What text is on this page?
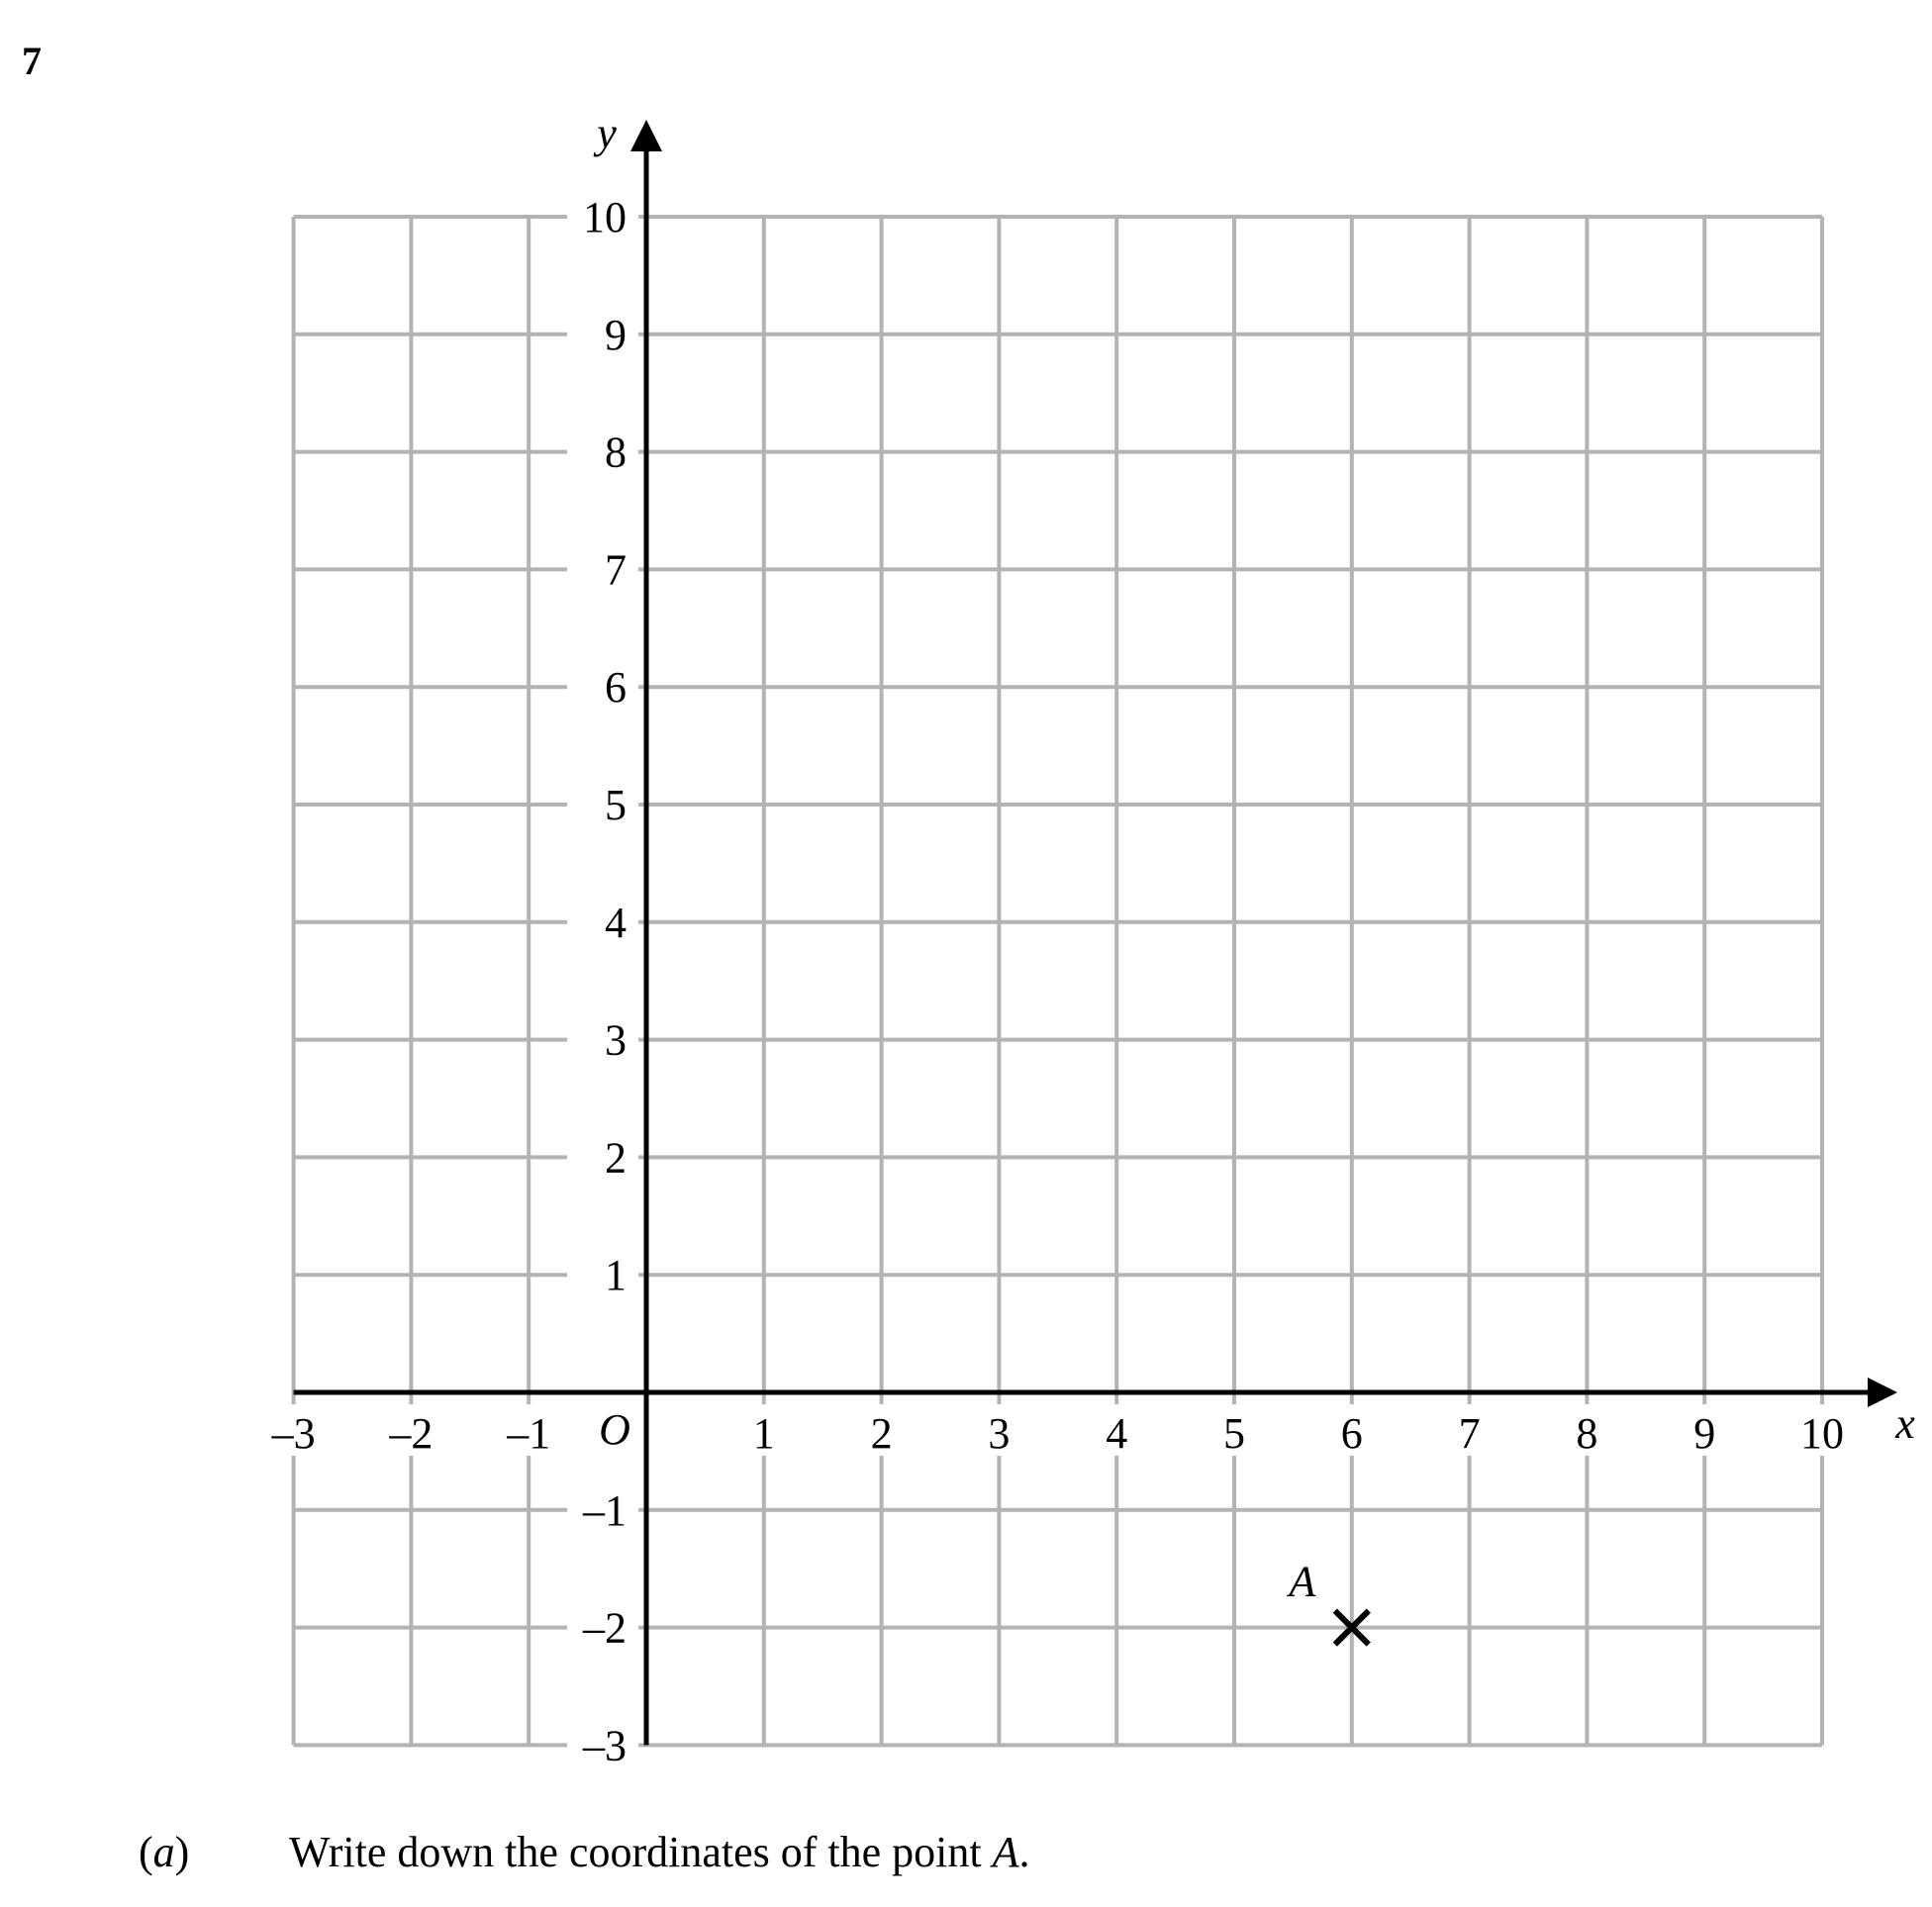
7
x
y
O
–3 –2 –1	1 2 3 4 5 6 7 8 9 10
10
9
8
7
6
5
4
3
2
1
–1
–2
–3
A
(a) Write down the coordinates of the point A.
